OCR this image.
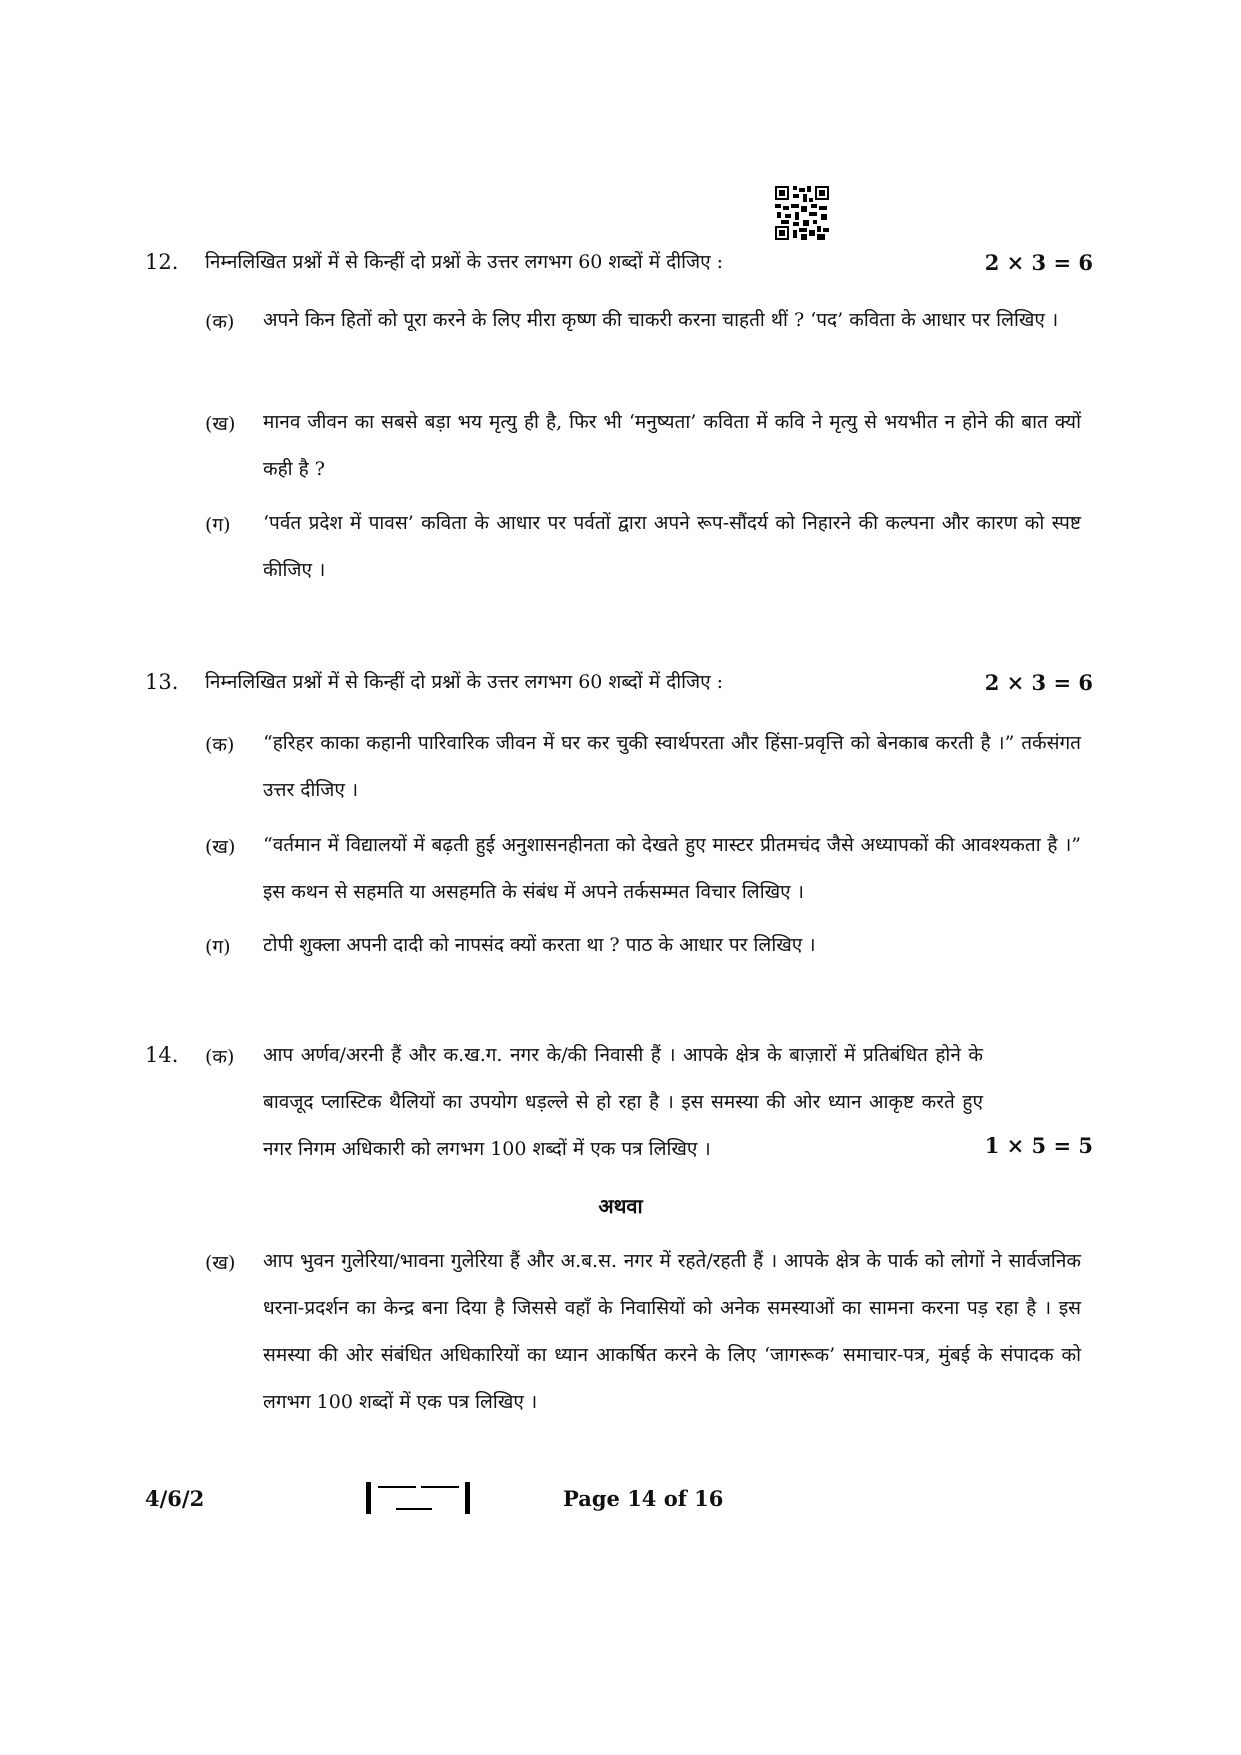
12. निम्नलिखित प्रश्नों में से किन्हीं दो प्रश्नों के उत्तर लगभग 60 शब्दों में दीजिए :	2 × 3 = 6
(क) अपने किन हितों को पूरा करने के लिए मीरा कृष्ण की चाकरी करना चाहती थीं ? ‘पद’ कविता के आधार पर लिखिए ।
(ख) मानव जीवन का सबसे बड़ा भय मृत्यु ही है, फिर भी ‘मनुष्यता’ कविता में कवि ने मृत्यु से भयभीत न होने की बात क्यों कही है ?
(ग) ‘पर्वत प्रदेश में पावस’ कविता के आधार पर पर्वतों द्वारा अपने रूप-सौंदर्य को निहारने की कल्पना और कारण को स्पष्ट कीजिए ।
13. निम्नलिखित प्रश्नों में से किन्हीं दो प्रश्नों के उत्तर लगभग 60 शब्दों में दीजिए :	2 × 3 = 6
(क) “हरिहर काका कहानी पारिवारिक जीवन में घर कर चुकी स्वार्थपरता और हिंसा-प्रवृत्ति को बेनकाब करती है ।” तर्कसंगत उत्तर दीजिए ।
(ख) “वर्तमान में विद्यालयों में बढ़ती हुई अनुशासनहीनता को देखते हुए मास्टर प्रीतमचंद जैसे अध्यापकों की आवश्यकता है ।” इस कथन से सहमति या असहमति के संबंध में अपने तर्कसम्मत विचार लिखिए ।
(ग) टोपी शुक्ला अपनी दादी को नापसंद क्यों करता था ? पाठ के आधार पर लिखिए ।
14. (क) आप अर्णव/अरनी हैं और क.ख.ग. नगर के/की निवासी हैं । आपके क्षेत्र के बाज़ारों में प्रतिबंधित होने के बावजूद प्लास्टिक थैलियों का उपयोग धड़ल्ले से हो रहा है । इस समस्या की ओर ध्यान आकृष्ट करते हुए नगर निगम अधिकारी को लगभग 100 शब्दों में एक पत्र लिखिए ।	1 × 5 = 5
अथवा
(ख) आप भुवन गुलेरिया/भावना गुलेरिया हैं और अ.ब.स. नगर में रहते/रहती हैं । आपके क्षेत्र के पार्क को लोगों ने सार्वजनिक धरना-प्रदर्शन का केन्द्र बना दिया है जिससे वहाँ के निवासियों को अनेक समस्याओं का सामना करना पड़ रहा है । इस समस्या की ओर संबंधित अधिकारियों का ध्यान आकर्षित करने के लिए ‘जागरूक’ समाचार-पत्र, मुंबई के संपादक को लगभग 100 शब्दों में एक पत्र लिखिए ।
4/6/2	Page 14 of 16
